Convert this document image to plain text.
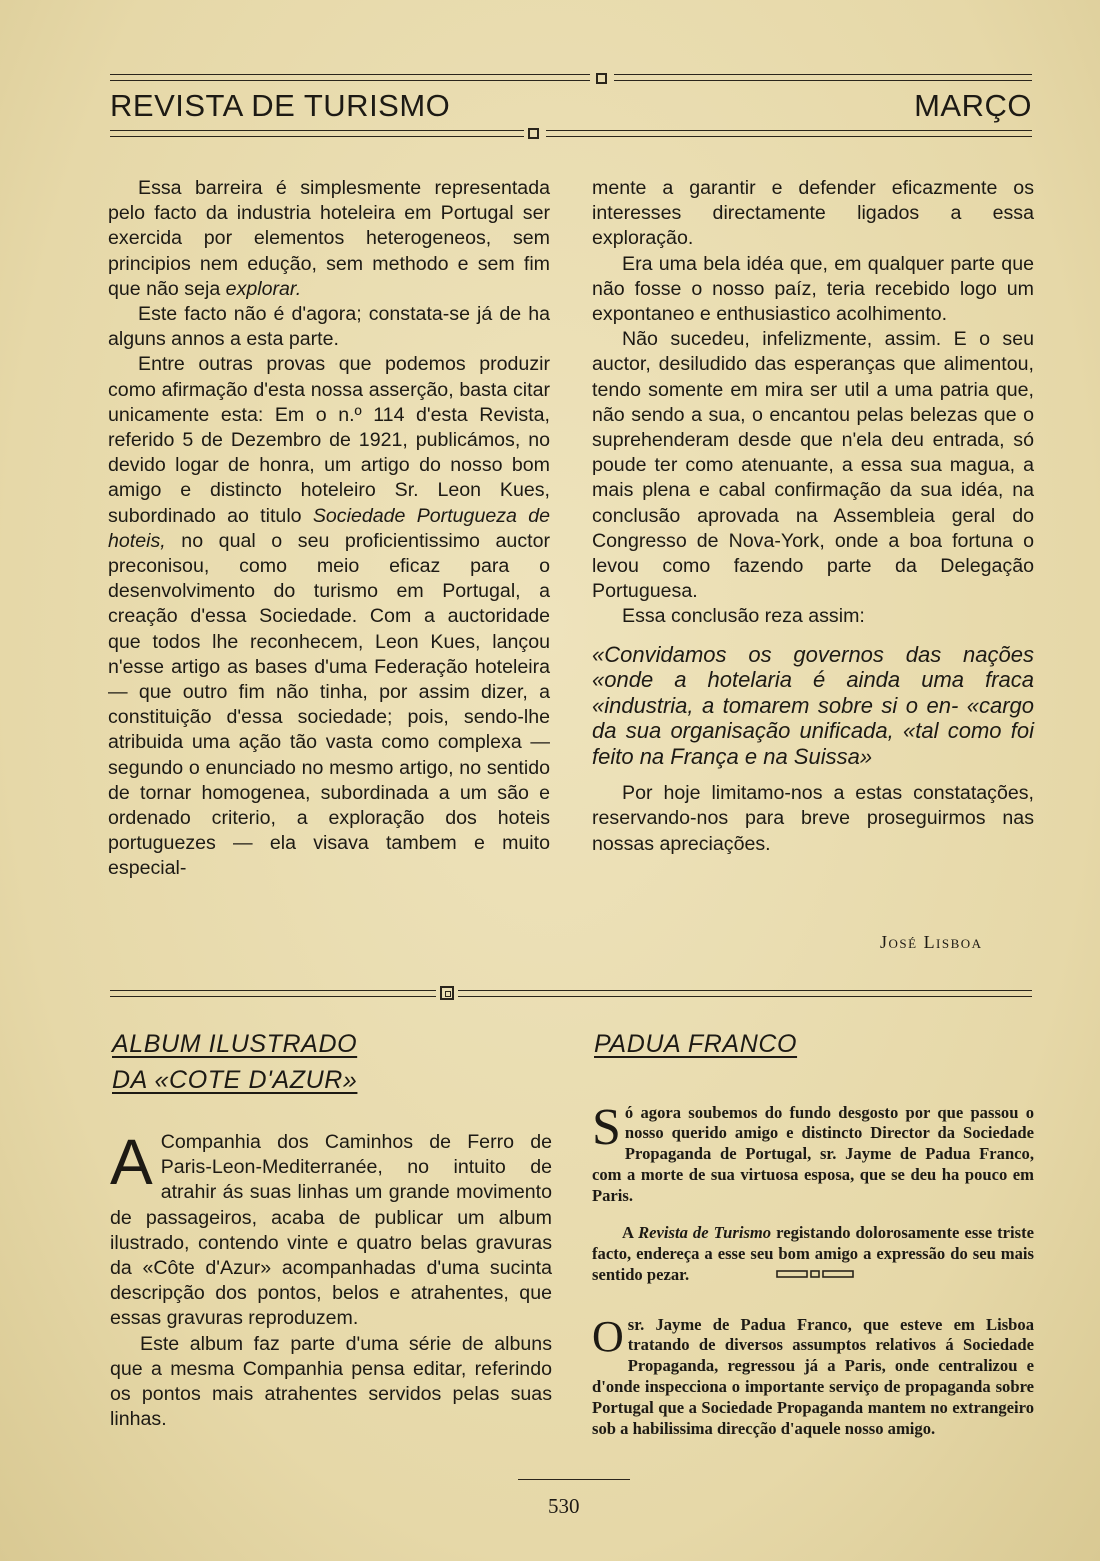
REVISTA DE TURISMO	MARÇO

Essa barreira é simplesmente representada pelo facto da industria hoteleira em Portugal ser exercida por elementos heterogeneos, sem principios nem edução, sem methodo e sem fim que não seja explorar.

Este facto não é d'agora; constata-se já de ha alguns annos a esta parte.

Entre outras provas que podemos produzir como afirmação d'esta nossa asserção, basta citar unicamente esta: Em o n.º 114 d'esta Revista, referido 5 de Dezembro de 1921, publicámos, no devido logar de honra, um artigo do nosso bom amigo e distincto hoteleiro Sr. Leon Kues, subordinado ao titulo Sociedade Portugueza de hoteis, no qual o seu proficientissimo auctor preconisou, como meio eficaz para o desenvolvimento do turismo em Portugal, a creação d'essa Sociedade. Com a auctoridade que todos lhe reconhecem, Leon Kues, lançou n'esse artigo as bases d'uma Federação hoteleira — que outro fim não tinha, por assim dizer, a constituição d'essa sociedade; pois, sendo-lhe atribuida uma ação tão vasta como complexa — segundo o enunciado no mesmo artigo, no sentido de tornar homogenea, subordinada a um são e ordenado criterio, a exploração dos hoteis portuguezes — ela visava tambem e muito especial-

mente a garantir e defender eficazmente os interesses directamente ligados a essa exploração.

Era uma bela idéa que, em qualquer parte que não fosse o nosso paíz, teria recebido logo um expontaneo e enthusiastico acolhimento.

Não sucedeu, infelizmente, assim. E o seu auctor, desiludido das esperanças que alimentou, tendo somente em mira ser util a uma patria que, não sendo a sua, o encantou pelas belezas que o suprehenderam desde que n'ela deu entrada, só poude ter como atenuante, a essa sua magua, a mais plena e cabal confirmação da sua idéa, na conclusão aprovada na Assembleia geral do Congresso de Nova-York, onde a boa fortuna o levou como fazendo parte da Delegação Portuguesa.

Essa conclusão reza assim:

«Convidamos os governos das nações «onde a hotelaria é ainda uma fraca «industria, a tomarem sobre si o en- «cargo da sua organisação unificada, «tal como foi feito na França e na Suissa»

Por hoje limitamo-nos a estas constatações, reservando-nos para breve proseguirmos nas nossas apreciações.

José Lisboa
ALBUM ILUSTRADO
DA «COTE D'AZUR»

A Companhia dos Caminhos de Ferro de Paris-Leon-Mediterranée, no intuito de atrahir ás suas linhas um grande movimento de passageiros, acaba de publicar um album ilustrado, contendo vinte e quatro belas gravuras da «Côte d'Azur» acompanhadas d'uma sucinta descripção dos pontos, belos e atrahentes, que essas gravuras reproduzem.

Este album faz parte d'uma série de albuns que a mesma Companhia pensa editar, referindo os pontos mais atrahentes servidos pelas suas linhas.

PADUA FRANCO

Só agora soubemos do fundo desgosto por que passou o nosso querido amigo e distincto Director da Sociedade Propaganda de Portugal, sr. Jayme de Padua Franco, com a morte de sua virtuosa esposa, que se deu ha pouco em Paris.

A Revista de Turismo registando dolorosamente esse triste facto, endereça a esse seu bom amigo a expressão do seu mais sentido pezar.

Osr. Jayme de Padua Franco, que esteve em Lisboa tratando de diversos assumptos relativos á Sociedade Propaganda, regressou já a Paris, onde centralizou e d'onde inspecciona o importante serviço de propaganda sobre Portugal que a Sociedade Propaganda mantem no extrangeiro sob a habilissima direcção d'aquele nosso amigo.

530
